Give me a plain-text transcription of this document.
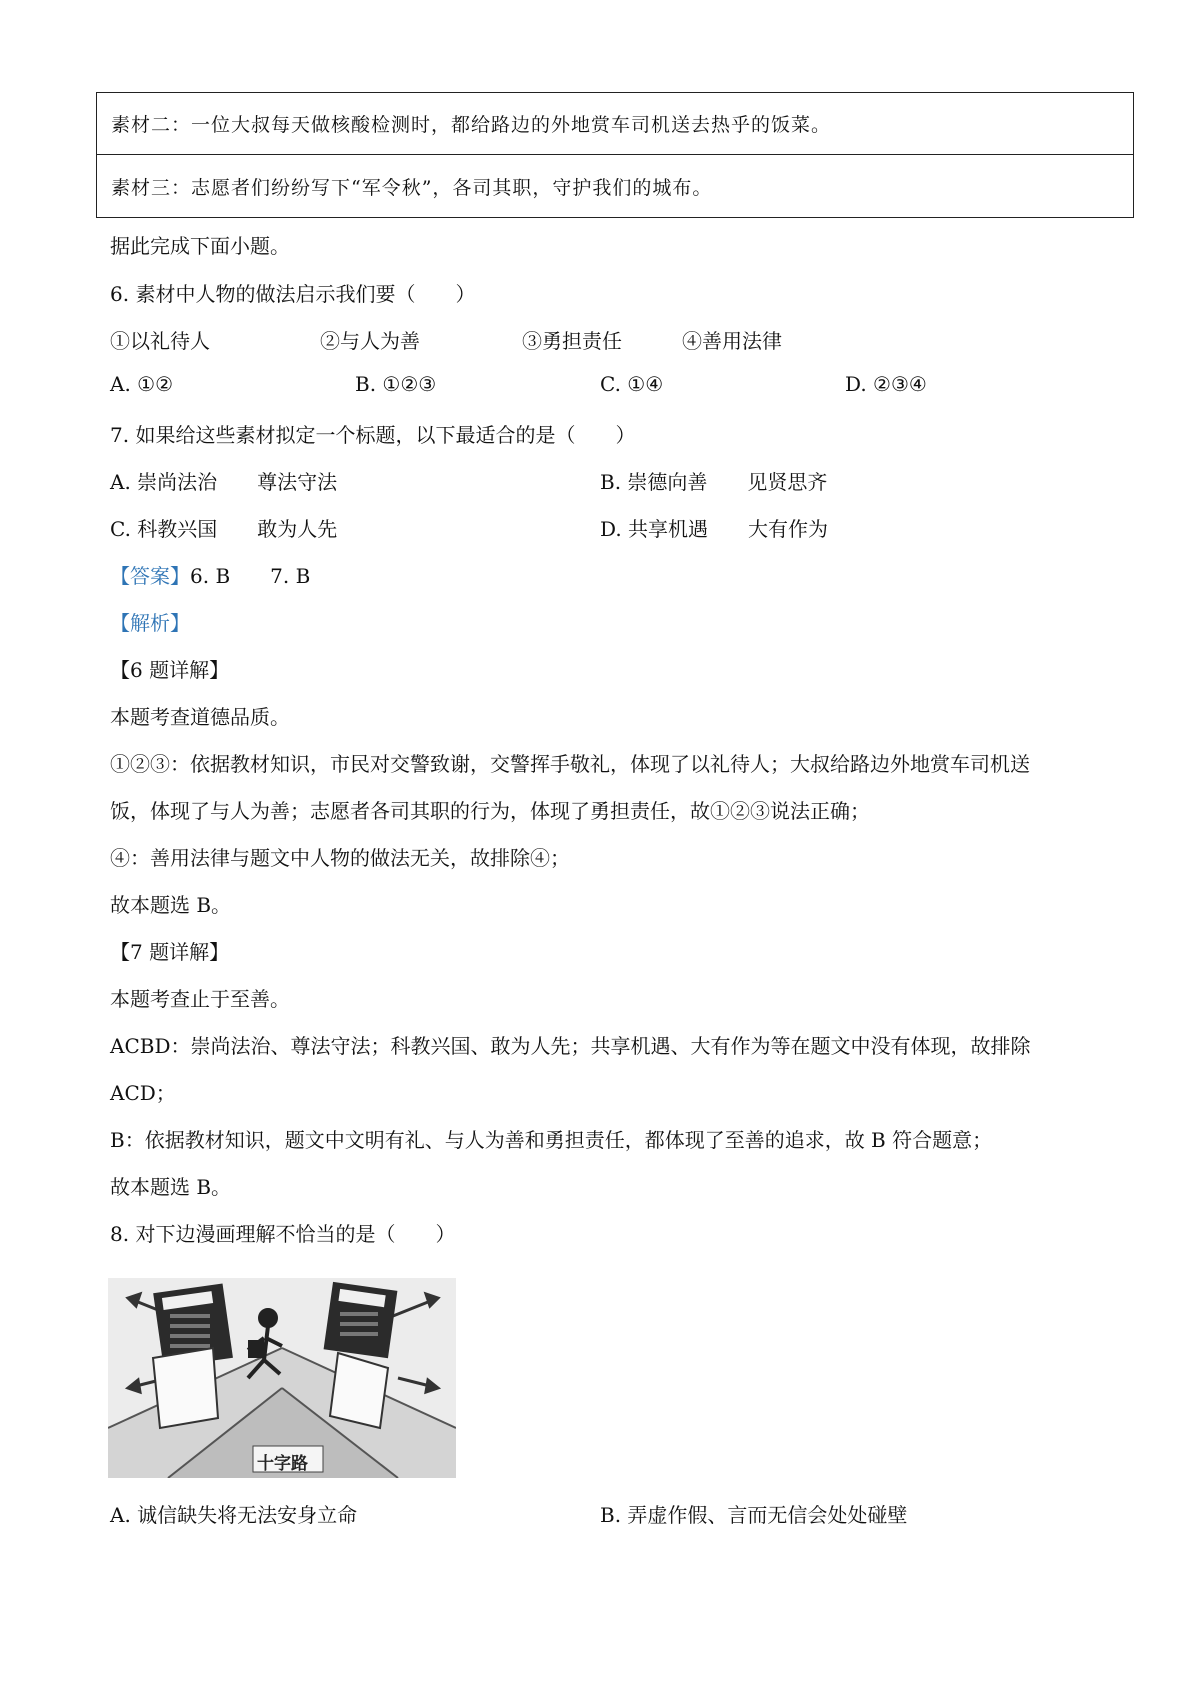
素材二：一位大叔每天做核酸检测时，都给路边的外地赏车司机送去热乎的饭菜。
素材三：志愿者们纷纷写下“军令秋”，各司其职，守护我们的城布。
据此完成下面小题。
6. 素材中人物的做法启示我们要（　　）
①以礼待人	②与人为善	③勇担责任	④善用法律
A. ①②	B. ①②③	C. ①④	D. ②③④
7. 如果给这些素材拟定一个标题，以下最适合的是（　　）
A. 崇尚法治　　尊法守法	B. 崇德向善　　见贤思齐
C. 科教兴国　　敢为人先	D. 共享机遇　　大有作为
【答案】6. B　　7. B
【解析】
【6 题详解】
本题考查道德品质。
①②③：依据教材知识，市民对交警致谢，交警挥手敬礼，体现了以礼待人；大叔给路边外地赏车司机送
饭，体现了与人为善；志愿者各司其职的行为，体现了勇担责任，故①②③说法正确；
④：善用法律与题文中人物的做法无关，故排除④；
故本题选 B。
【7 题详解】
本题考查止于至善。
ACBD：崇尚法治、尊法守法；科教兴国、敢为人先；共享机遇、大有作为等在题文中没有体现，故排除
ACD；
B：依据教材知识，题文中文明有礼、与人为善和勇担责任，都体现了至善的追求，故 B 符合题意；
故本题选 B。
8. 对下边漫画理解不恰当的是（　　）
十字路
A. 诚信缺失将无法安身立命	B. 弄虚作假、言而无信会处处碰壁
